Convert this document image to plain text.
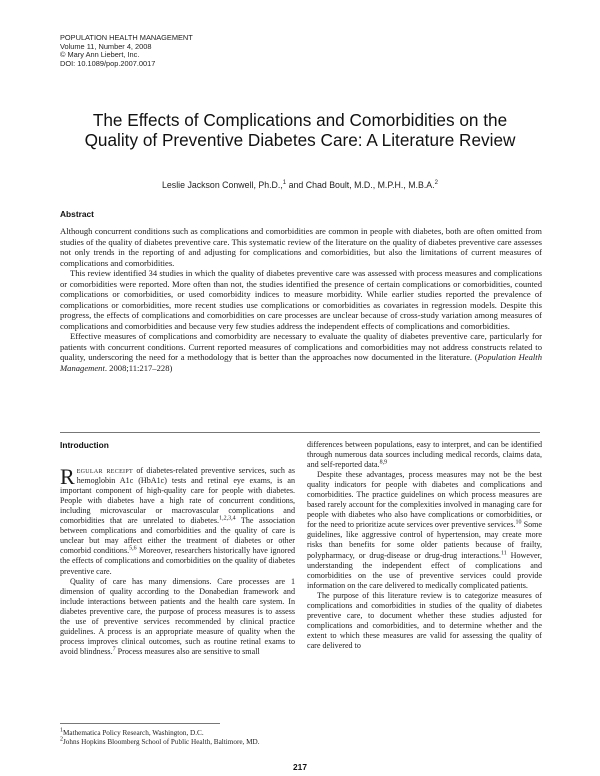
POPULATION HEALTH MANAGEMENT
Volume 11, Number 4, 2008
© Mary Ann Liebert, Inc.
DOI: 10.1089/pop.2007.0017
The Effects of Complications and Comorbidities on the
Quality of Preventive Diabetes Care: A Literature Review
Leslie Jackson Conwell, Ph.D.,$^1$ and Chad Boult, M.D., M.P.H., M.B.A.$^2$
Abstract

Although concurrent conditions such as complications and comorbidities are common in people with diabetes, both are often omitted from studies of the quality of diabetes preventive care. This systematic review of the literature on the quality of diabetes preventive care assesses not only trends in the reporting of and adjusting for complications and comorbidities, but also the limitations of current measures of complications and comorbidities.

This review identified 34 studies in which the quality of diabetes preventive care was assessed with process measures and complications or comorbidities were reported. More often than not, the studies identified the presence of certain complications or comorbidities, counted complications or comorbidities, or used comorbidity indices to measure morbidity. While earlier studies reported the prevalence of complications or comorbidities, more recent studies use complications or comorbidities as covariates in regression models. Despite this progress, the effects of complications and comorbidities on care processes are unclear because of cross-study variation among measures of complications and comorbidities and because very few studies address the independent effects of complications and comorbidities.

Effective measures of complications and comorbidity are necessary to evaluate the quality of diabetes preventive care, particularly for patients with concurrent conditions. Current reported measures of complications and comorbidities may not address constructs related to quality, underscoring the need for a methodology that is better than the approaches now documented in the literature. (Population Health Management. 2008;11:217–228)

Introduction

Regular receipt of diabetes-related preventive services, such as hemoglobin A1c (HbA1c) tests and retinal eye exams, is an important component of high-quality care for people with diabetes. People with diabetes have a high rate of concurrent conditions, including microvascular or macrovascular complications and comorbidities that are unrelated to diabetes.$^{1,2,3,4}$ The association between complications and comorbidities and the quality of care is unclear but may affect either the treatment of diabetes or other comorbid conditions.$^{5,6}$ Moreover, researchers historically have ignored the effects of complications and comorbidities on the quality of diabetes preventive care.

Quality of care has many dimensions. Care processes are 1 dimension of quality according to the Donabedian framework and include interactions between patients and the health care system. In diabetes preventive care, the purpose of process measures is to assess the use of preventive services recommended by clinical practice guidelines. A process is an appropriate measure of quality when the process improves clinical outcomes, such as routine retinal exams to avoid blindness.$^7$ Process measures also are sensitive to small

differences between populations, easy to interpret, and can be identified through numerous data sources including medical records, claims data, and self-reported data.$^{8,9}$

Despite these advantages, process measures may not be the best quality indicators for people with diabetes and complications and comorbidities. The practice guidelines on which process measures are based rarely account for the complexities involved in managing care for people with diabetes who also have complications or comorbidities, or for the need to prioritize acute services over preventive services.$^{10}$ Some guidelines, like aggressive control of hypertension, may create more risks than benefits for some older patients because of frailty, polypharmacy, or drug-disease or drug-drug interactions.$^{11}$ However, understanding the independent effect of complications and comorbidities on the use of preventive services could provide information on the care delivered to medically complicated patients.

The purpose of this literature review is to categorize measures of complications and comorbidities in studies of the quality of diabetes preventive care, to document whether these studies adjusted for complications and comorbidities, and to determine whether and the extent to which these measures are valid for assessing the quality of care delivered to

$^1$Mathematica Policy Research, Washington, D.C.
$^2$Johns Hopkins Bloomberg School of Public Health, Baltimore, MD.
217
